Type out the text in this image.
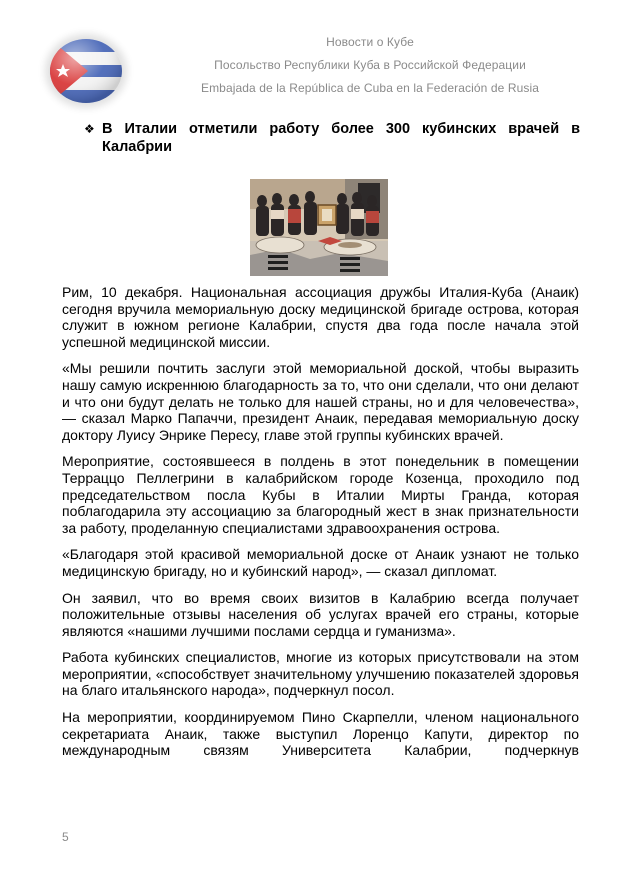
Новости о Кубе
Посольство Республики Куба в Российской Федерации
Embajada de la República de Cuba en la Federación de Rusia
❖ В Италии отметили работу более 300 кубинских врачей в Калабрии

Рим, 10 декабря. Национальная ассоциация дружбы Италия-Куба (Анаик) сегодня вручила мемориальную доску медицинской бригаде острова, которая служит в южном регионе Калабрии, спустя два года после начала этой успешной медицинской миссии.

«Мы решили почтить заслуги этой мемориальной доской, чтобы выразить нашу самую искреннюю благодарность за то, что они сделали, что они делают и что они будут делать не только для нашей страны, но и для человечества», — сказал Марко Папаччи, президент Анаик, передавая мемориальную доску доктору Луису Энрике Пересу, главе этой группы кубинских врачей.

Мероприятие, состоявшееся в полдень в этот понедельник в помещении Терраццо Пеллегрини в калабрийском городе Козенца, проходило под председательством посла Кубы в Италии Мирты Гранда, которая поблагодарила эту ассоциацию за благородный жест в знак признательности за работу, проделанную специалистами здравоохранения острова.

«Благодаря этой красивой мемориальной доске от Анаик узнают не только медицинскую бригаду, но и кубинский народ», — сказал дипломат.

Он заявил, что во время своих визитов в Калабрию всегда получает положительные отзывы населения об услугах врачей его страны, которые являются «нашими лучшими послами сердца и гуманизма».

Работа кубинских специалистов, многие из которых присутствовали на этом мероприятии, «способствует значительному улучшению показателей здоровья на благо итальянского народа», подчеркнул посол.

На мероприятии, координируемом Пино Скарпелли, членом национального секретариата Анаик, также выступил Лоренцо Капути, директор по международным связям Университета Калабрии, подчеркнув

5
